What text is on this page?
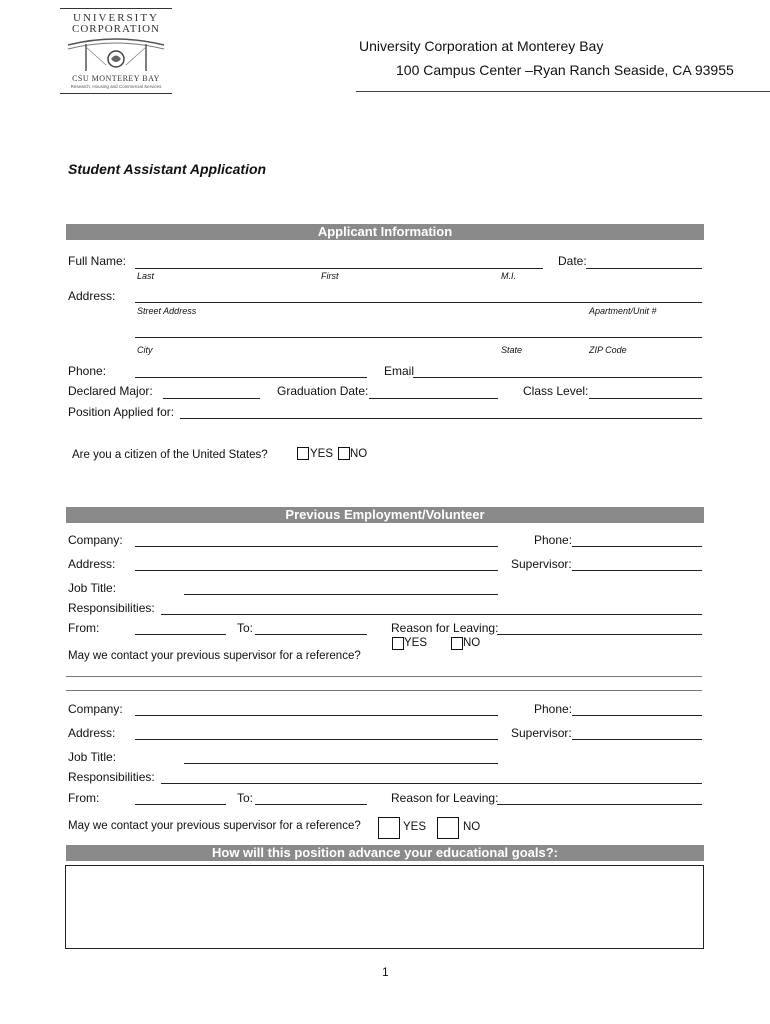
UNIVERSITY
CORPORATION
CSU MONTEREY BAY
Research, Housing and Commercial Services
University Corporation at Monterey Bay
100 Campus Center –Ryan Ranch Seaside, CA 93955
Student Assistant Application
Applicant Information
Full Name:	Date:
Last	First	M.I.
Address:
Street Address	Apartment/Unit #
City	State	ZIP Code
Phone:	Email
Declared Major:	Graduation Date:	Class Level:
Position Applied for:
Are you a citizen of the United States?	YES NO
Previous Employment/Volunteer
Company:	Phone:
Address:	Supervisor:
Job Title:
Responsibilities:
From:	To:	Reason for Leaving:
YES	NO
May we contact your previous supervisor for a reference?
Company:	Phone:
Address:	Supervisor:
Job Title:
Responsibilities:
From:	To:	Reason for Leaving:
May we contact your previous supervisor for a reference?	YES	NO
How will this position advance your educational goals?:
1
